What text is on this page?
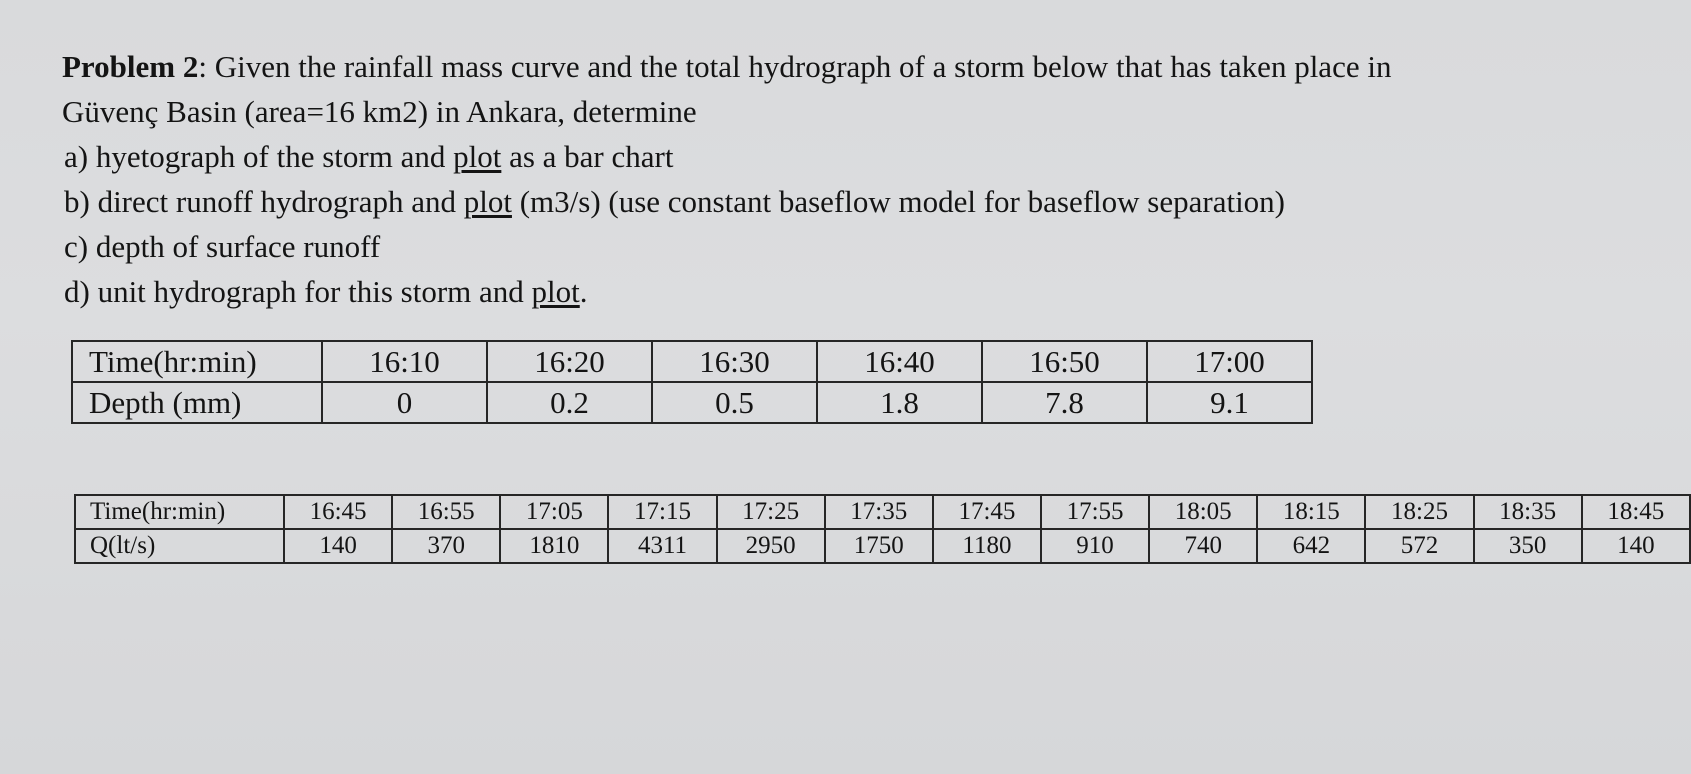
Problem 2: Given the rainfall mass curve and the total hydrograph of a storm below that has taken place in

Güvenç Basin (area=16 km2) in Ankara, determine

a) hyetograph of the storm and plot as a bar chart

b) direct runoff hydrograph and plot (m3/s) (use constant baseflow model for baseflow separation)

c) depth of surface runoff

d) unit hydrograph for this storm and plot.

Time(hr:min)	16:10	16:20	16:30	16:40	16:50	17:00
Depth (mm)	0	0.2	0.5	1.8	7.8	9.1
Time(hr:min)	16:45	16:55	17:05	17:15	17:25	17:35	17:45	17:55	18:05	18:15	18:25	18:35	18:45
Q(lt/s)	140	370	1810	4311	2950	1750	1180	910	740	642	572	350	140
